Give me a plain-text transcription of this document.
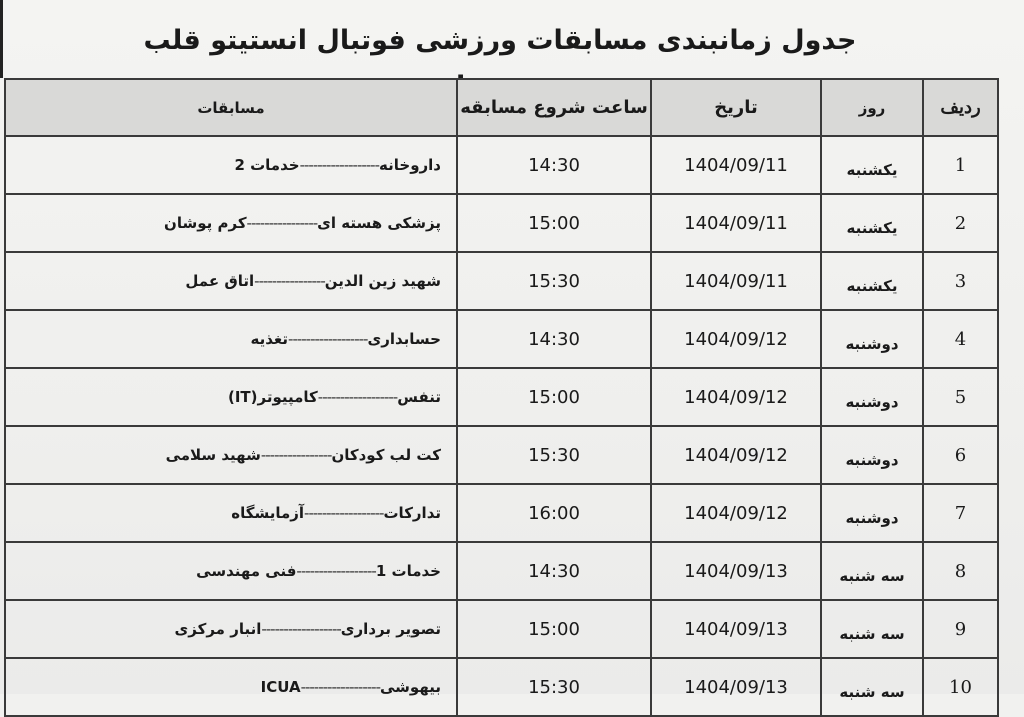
جدول زمانبندی مسابقات ورزشی فوتبال انستیتو قلب
ردیف	روز	تاریخ	ساعت شروع مسابقه	مسابقات
1	یکشنبه	1404/09/11	14:30	داروخانه------------------خدمات 2
2	یکشنبه	1404/09/11	15:00	پزشکی هسته ای----------------کرم پوشان
3	یکشنبه	1404/09/11	15:30	شهید زین الدین----------------اتاق عمل
4	دوشنبه	1404/09/12	14:30	حسابداری------------------تغذیه
5	دوشنبه	1404/09/12	15:00	تنفس------------------کامپیوتر(IT)
6	دوشنبه	1404/09/12	15:30	کت لب کودکان----------------شهید سلامی
7	دوشنبه	1404/09/12	16:00	تدارکات------------------آزمایشگاه
8	سه شنبه	1404/09/13	14:30	خدمات 1------------------فنی مهندسی
9	سه شنبه	1404/09/13	15:00	تصویر برداری------------------انبار مرکزی
10	سه شنبه	1404/09/13	15:30	بیهوشی------------------ICUA
